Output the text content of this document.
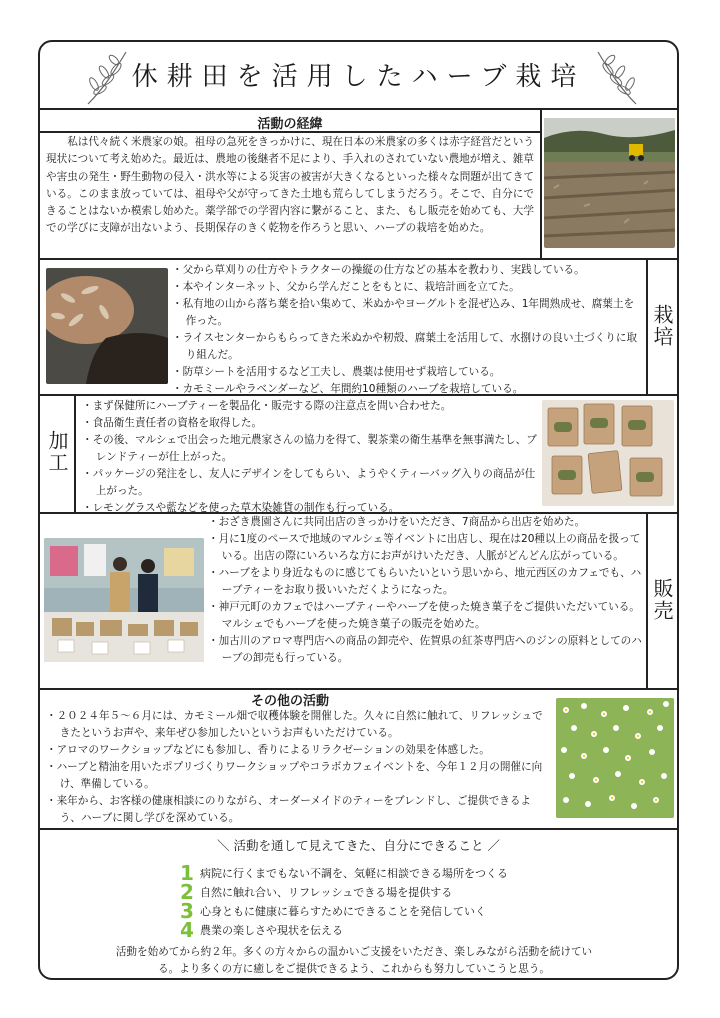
休耕田を活用したハーブ栽培
活動の経緯
私は代々続く米農家の娘。祖母の急死をきっかけに、現在日本の米農家の多くは赤字経営だという現状について考え始めた。最近は、農地の後継者不足により、手入れのされていない農地が増え、雑草や害虫の発生・野生動物の侵入・洪水等による災害の被害が大きくなるといった様々な問題が出てきている。このまま放っていては、祖母や父が守ってきた土地も荒らしてしまうだろう。そこで、自分にできることはないか模索し始めた。薬学部での学習内容に繋がること、また、もし販売を始めても、大学での学びに支障が出ないよう、長期保存のきく乾物を作ろうと思い、ハーブの栽培を始めた。
・父から草刈りの仕方やトラクターの操縦の仕方などの基本を教わり、実践している。
・本やインターネット、父から学んだことをもとに、栽培計画を立てた。
・私有地の山から落ち葉を拾い集めて、米ぬかやヨーグルトを混ぜ込み、1年間熟成せ、腐葉土を作った。
・ライスセンターからもらってきた米ぬかや籾殻、腐葉土を活用して、水捌けの良い土づくりに取り組んだ。
・防草シートを活用するなど工夫し、農薬は使用せず栽培している。
・カモミールやラベンダーなど、年間約10種類のハーブを栽培している。
栽培
加工
・まず保健所にハーブティーを製品化・販売する際の注意点を問い合わせた。
・食品衛生責任者の資格を取得した。
・その後、マルシェで出会った地元農家さんの協力を得て、製茶業の衛生基準を無事満たし、ブレンドティーが仕上がった。
・パッケージの発注をし、友人にデザインをしてもらい、ようやくティーバッグ入りの商品が仕上がった。
・レモングラスや藍などを使った草木染雑貨の制作も行っている。
・おざき農園さんに共同出店のきっかけをいただき、7商品から出店を始めた。
・月に1度のペースで地域のマルシェ等イベントに出店し、現在は20種以上の商品を扱っている。出店の際にいろいろな方にお声がけいただき、人脈がどんどん広がっている。
・ハーブをより身近なものに感じてもらいたいという思いから、地元西区のカフェでも、ハーブティーをお取り扱いいただくようになった。
・神戸元町のカフェではハーブティーやハーブを使った焼き菓子をご提供いただいている。マルシェでもハーブを使った焼き菓子の販売を始めた。
・加古川のアロマ専門店への商品の卸売や、佐賀県の紅茶専門店へのジンの原料としてのハーブの卸売も行っている。
販売
その他の活動
・２０２４年５〜６月には、カモミール畑で収穫体験を開催した。久々に自然に触れて、リフレッシュできたというお声や、来年ぜひ参加したいというお声もいただけている。
・アロマのワークショップなどにも参加し、香りによるリラクゼーションの効果を体感した。
・ハーブと精油を用いたポプリづくりワークショップやコラボカフェイベントを、今年１２月の開催に向け、準備している。
・来年から、お客様の健康相談にのりながら、オーダーメイドのティーをブレンドし、ご提供できるよう、ハーブに関し学びを深めている。
＼ 活動を通して見えてきた、自分にできること ／
1 病院に行くまでもない不調を、気軽に相談できる場所をつくる
2 自然に触れ合い、リフレッシュできる場を提供する
3 心身ともに健康に暮らすためにできることを発信していく
4 農業の楽しさや現状を伝える
活動を始めてから約２年。多くの方々からの温かいご支援をいただき、楽しみながら活動を続けている。より多くの方に癒しをご提供できるよう、これからも努力していこうと思う。
